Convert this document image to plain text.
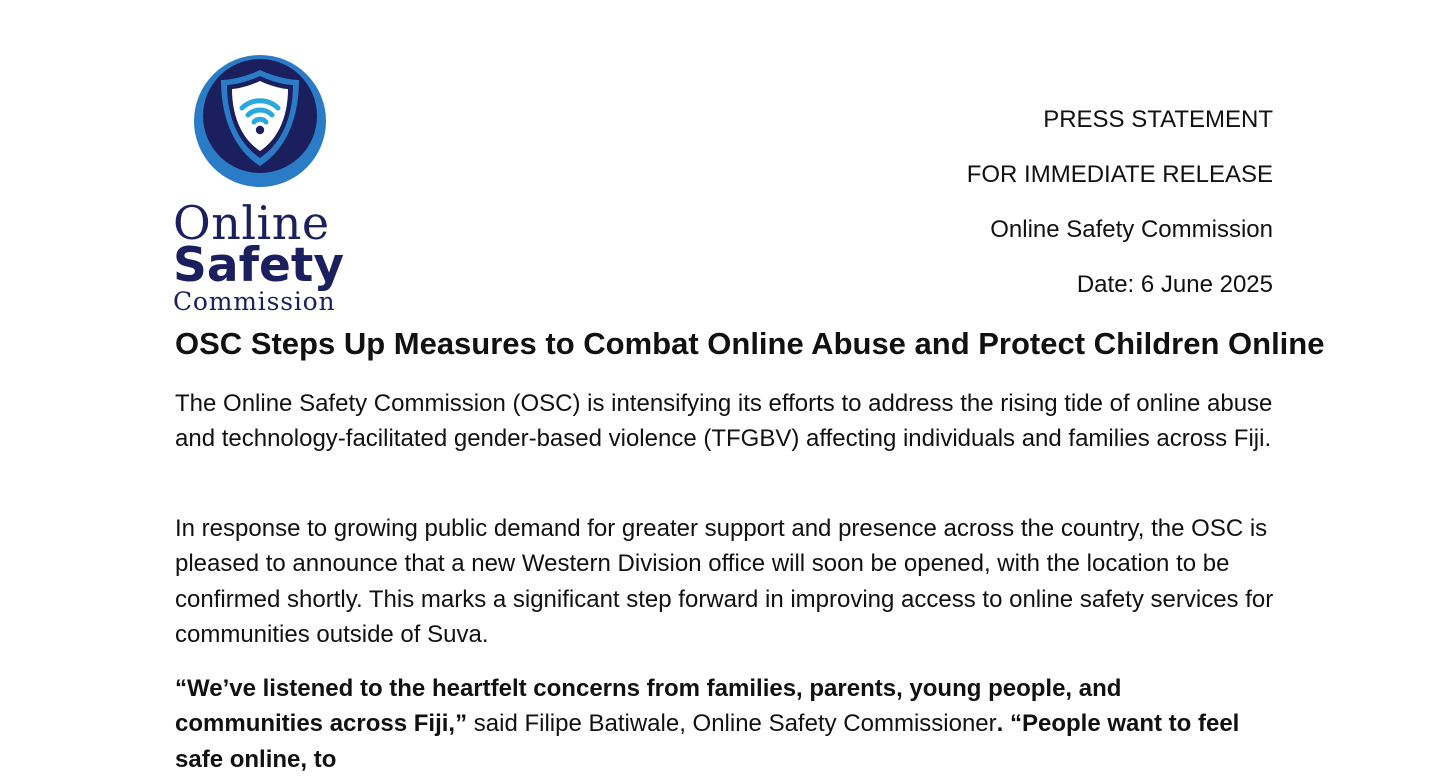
Online
Safety
Commission
PRESS STATEMENT
FOR IMMEDIATE RELEASE
Online Safety Commission
Date: 6 June 2025
OSC Steps Up Measures to Combat Online Abuse and Protect Children Online

The Online Safety Commission (OSC) is intensifying its efforts to address the rising tide of online abuse and technology-facilitated gender-based violence (TFGBV) affecting individuals and families across Fiji.

In response to growing public demand for greater support and presence across the country, the OSC is pleased to announce that a new Western Division office will soon be opened, with the location to be confirmed shortly. This marks a significant step forward in improving access to online safety services for communities outside of Suva.

“We’ve listened to the heartfelt concerns from families, parents, young people, and communities across Fiji,” said Filipe Batiwale, Online Safety Commissioner. “People want to feel safe online, to
